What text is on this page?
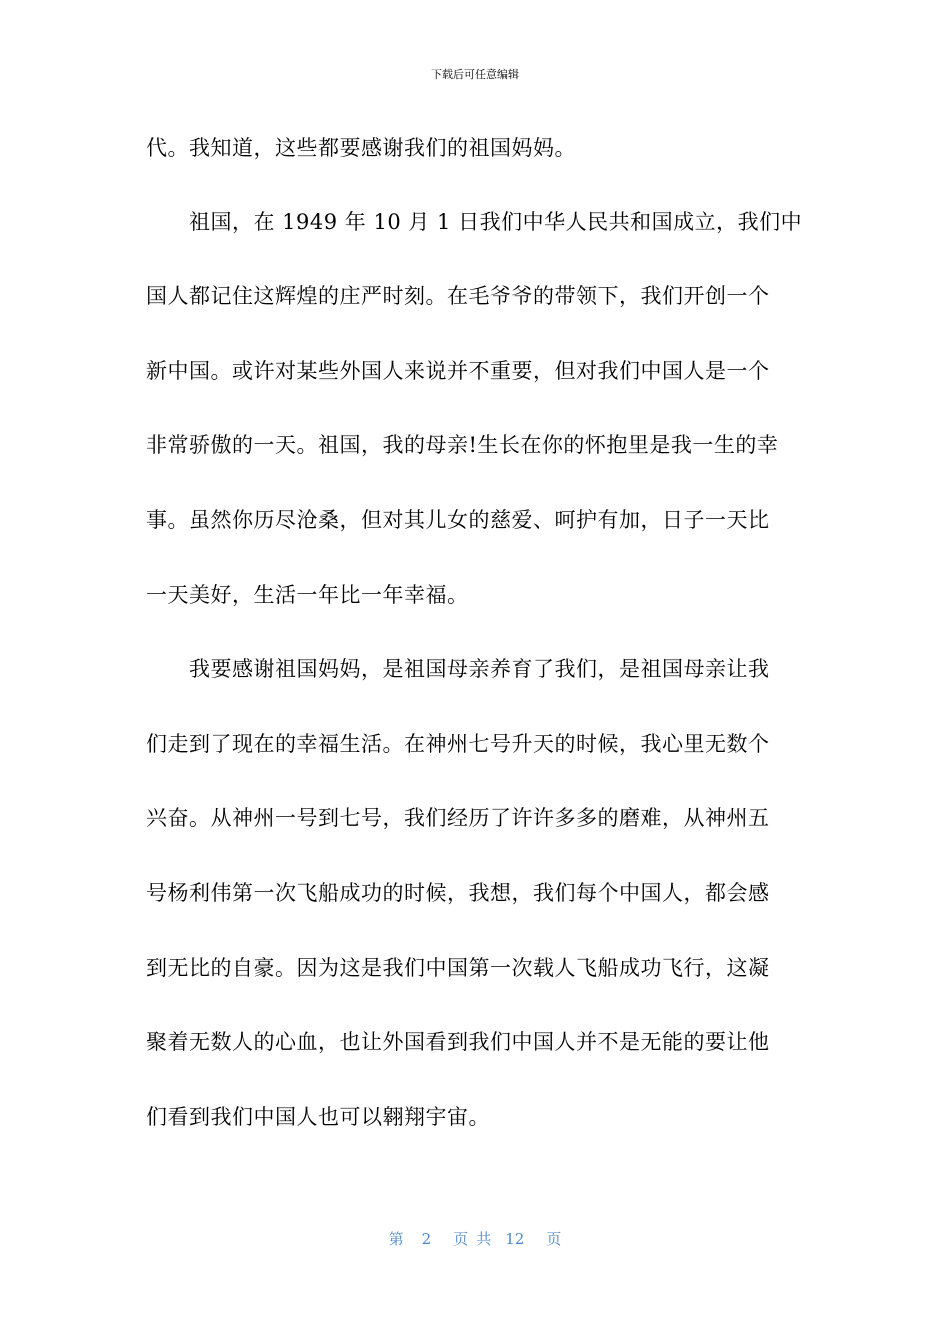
下载后可任意编辑
代。我知道，这些都要感谢我们的祖国妈妈。
祖国，在 1949 年 10 月 1 日我们中华人民共和国成立，我们中
国人都记住这辉煌的庄严时刻。在毛爷爷的带领下，我们开创一个
新中国。或许对某些外国人来说并不重要，但对我们中国人是一个
非常骄傲的一天。祖国，我的母亲!生长在你的怀抱里是我一生的幸
事。虽然你历尽沧桑，但对其儿女的慈爱、呵护有加，日子一天比
一天美好，生活一年比一年幸福。
我要感谢祖国妈妈，是祖国母亲养育了我们，是祖国母亲让我
们走到了现在的幸福生活。在神州七号升天的时候，我心里无数个
兴奋。从神州一号到七号，我们经历了许许多多的磨难，从神州五
号杨利伟第一次飞船成功的时候，我想，我们每个中国人，都会感
到无比的自豪。因为这是我们中国第一次载人飞船成功飞行，这凝
聚着无数人的心血，也让外国看到我们中国人并不是无能的要让他
们看到我们中国人也可以翱翔宇宙。
第 2 页 共 12 页
